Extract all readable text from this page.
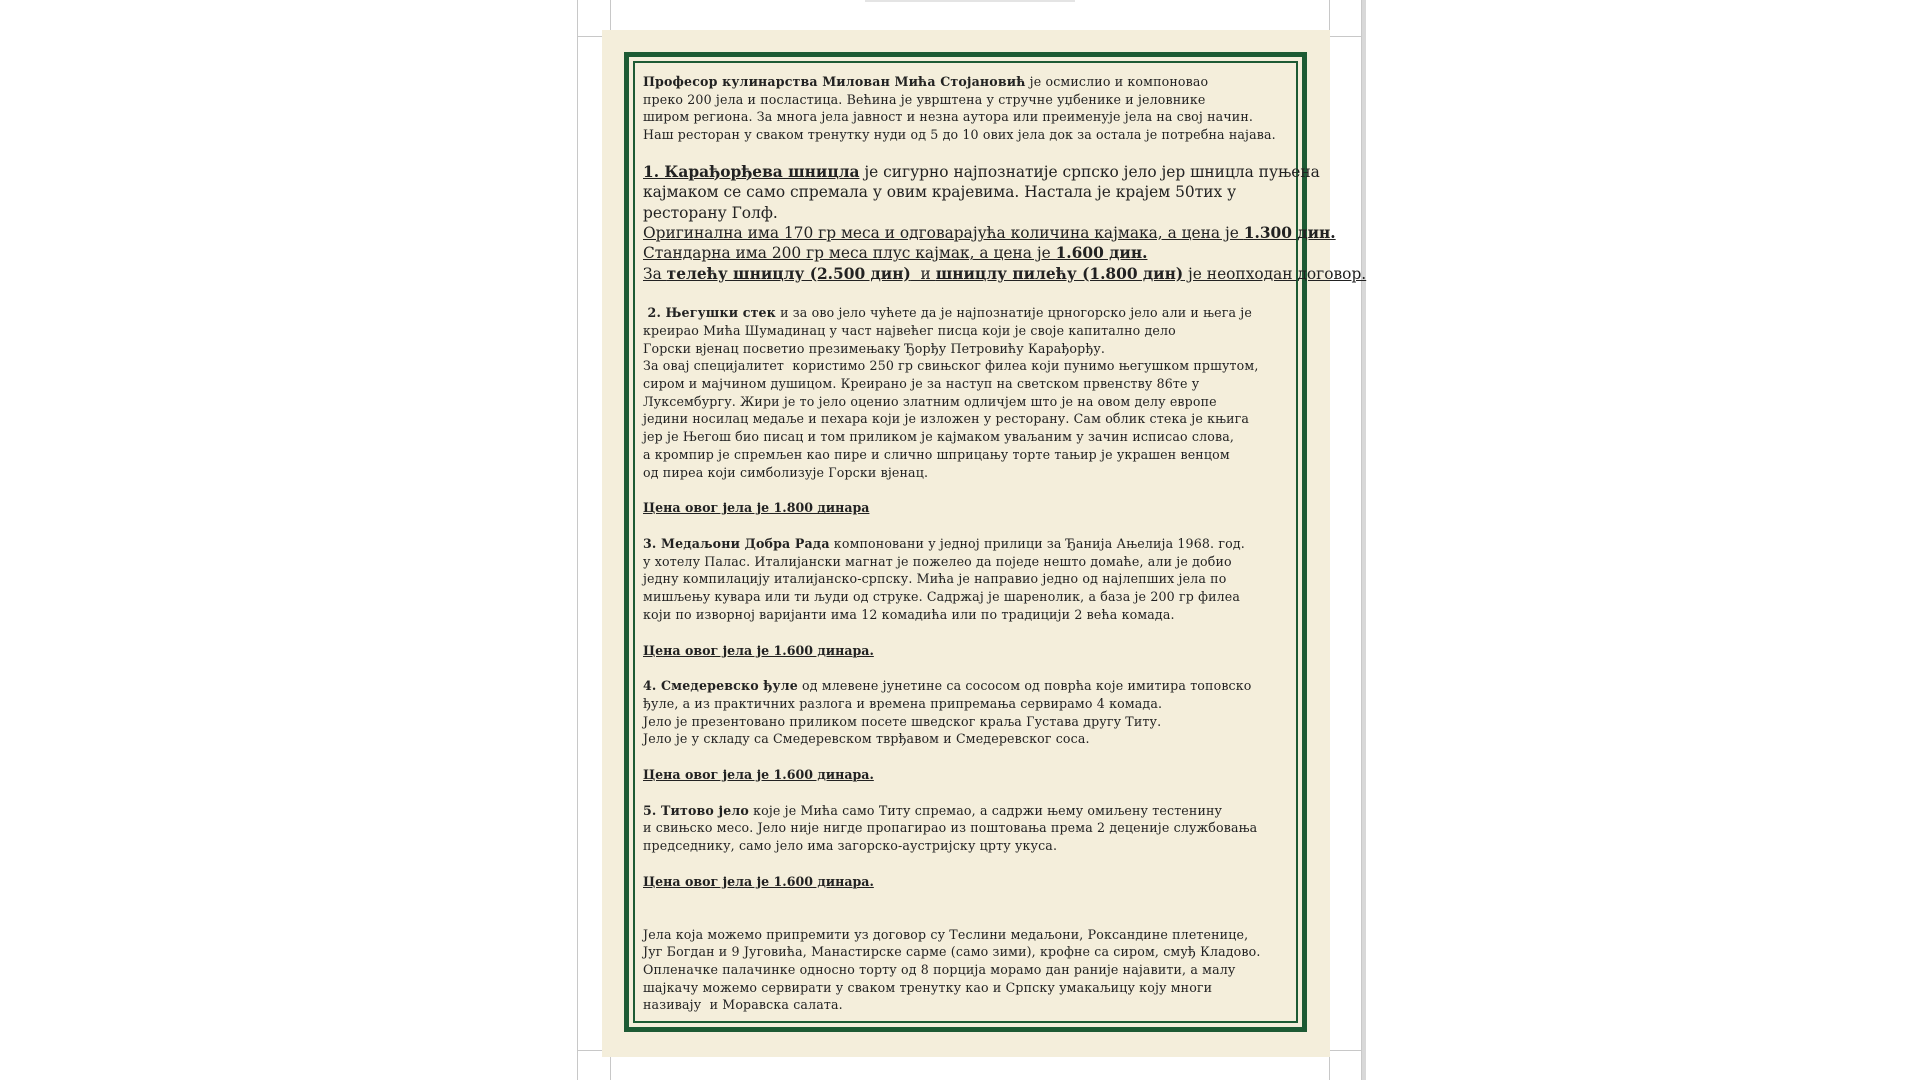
Професор кулинарства Милован Мића Стојановић је осмислио и компоновао

преко 200 јела и посластица. Већина је уврштена у стручне уџбенике и јеловнике

широм региона. За многа јела јавност и незна аутора или преименује јела на свој начин.

Наш ресторан у сваком тренутку нуди од 5 до 10 ових јела док за остала је потребна најава.

1. Карађорђева шницла је сигурно најпознатије српско јело јер шницла пуњена

кајмаком се само спремала у овим крајевима. Настала је крајем 50тих у

ресторану Голф.

Оригинална има 170 гр меса и одговарајућа количина кајмака, а цена је 1.300 дин.

Стандарна има 200 гр меса плус кајмак, а цена је 1.600 дин.

За телећу шницлу (2.500 дин)  и шницлу пилећу (1.800 дин) је неопходан договор.

2. Његушки стек и за ово јело чућете да је најпознатије црногорско јело али и њега је

креирао Мића Шумадинац у част највећег писца који је своје капитално дело

Горски вјенац посветио презимењаку Ђорђу Петровићу Карађорђу.

За овај специјалитет  користимо 250 гр свињског филеа који пунимо његушком пршутом,

сиром и мајчином душицом. Креирано је за наступ на светском првенству 86те у

Луксембургу. Жири је то јело оценио златним одличјем што је на овом делу европе

једини носилац медаље и пехара који је изложен у ресторану. Сам облик стека је књига

јер је Његош био писац и том приликом је кајмаком уваљаним у зачин исписао слова,

а кромпир је спремљен као пире и слично шприцању торте тањир је украшен венцом

од пиреа који симболизује Горски вјенац.

Цена овог јела је 1.800 динара

3. Медаљони Добра Рада компоновани у једној прилици за Ђанија Ањелија 1968. год.

у хотелу Палас. Италијански магнат је пожелео да поједе нешто домаће, али је добио

једну компилацију италијанско-српску. Мића је направио једно од најлепших јела по

мишљењу кувара или ти људи од струке. Садржај је шаренолик, а база је 200 гр филеа

који по изворној варијанти има 12 комадића или по традицији 2 већа комада.

Цена овог јела је 1.600 динара.

4. Смедеревско ђуле од млевене јунетине са сососом од поврћа које имитира топовско

ђуле, а из практичних разлога и времена припремања сервирамо 4 комада.

Јело је презентовано приликом посете шведског краља Густава другу Титу.

Јело је у складу са Смедеревском тврђавом и Смедеревског соса.

Цена овог јела је 1.600 динара.

5. Титово јело које је Мића само Титу спремао, а садржи њему омиљену тестенину

и свињско месо. Јело није нигде пропагирао из поштовања према 2 деценије службовања

председнику, само јело има загорско-аустријску црту укуса.

Цена овог јела је 1.600 динара.

Јела која можемо припремити уз договор су Теслини медаљони, Роксандине плетенице,

Југ Богдан и 9 Југовића, Манастирске сарме (само зими), крофне са сиром, смуђ Кладово.

Опленачке палачинке односно торту од 8 порција морамо дан раније најавити, а малу

шајкачу можемо сервирати у сваком тренутку као и Српску умакаљицу коју многи

називају  и Моравска салата.
